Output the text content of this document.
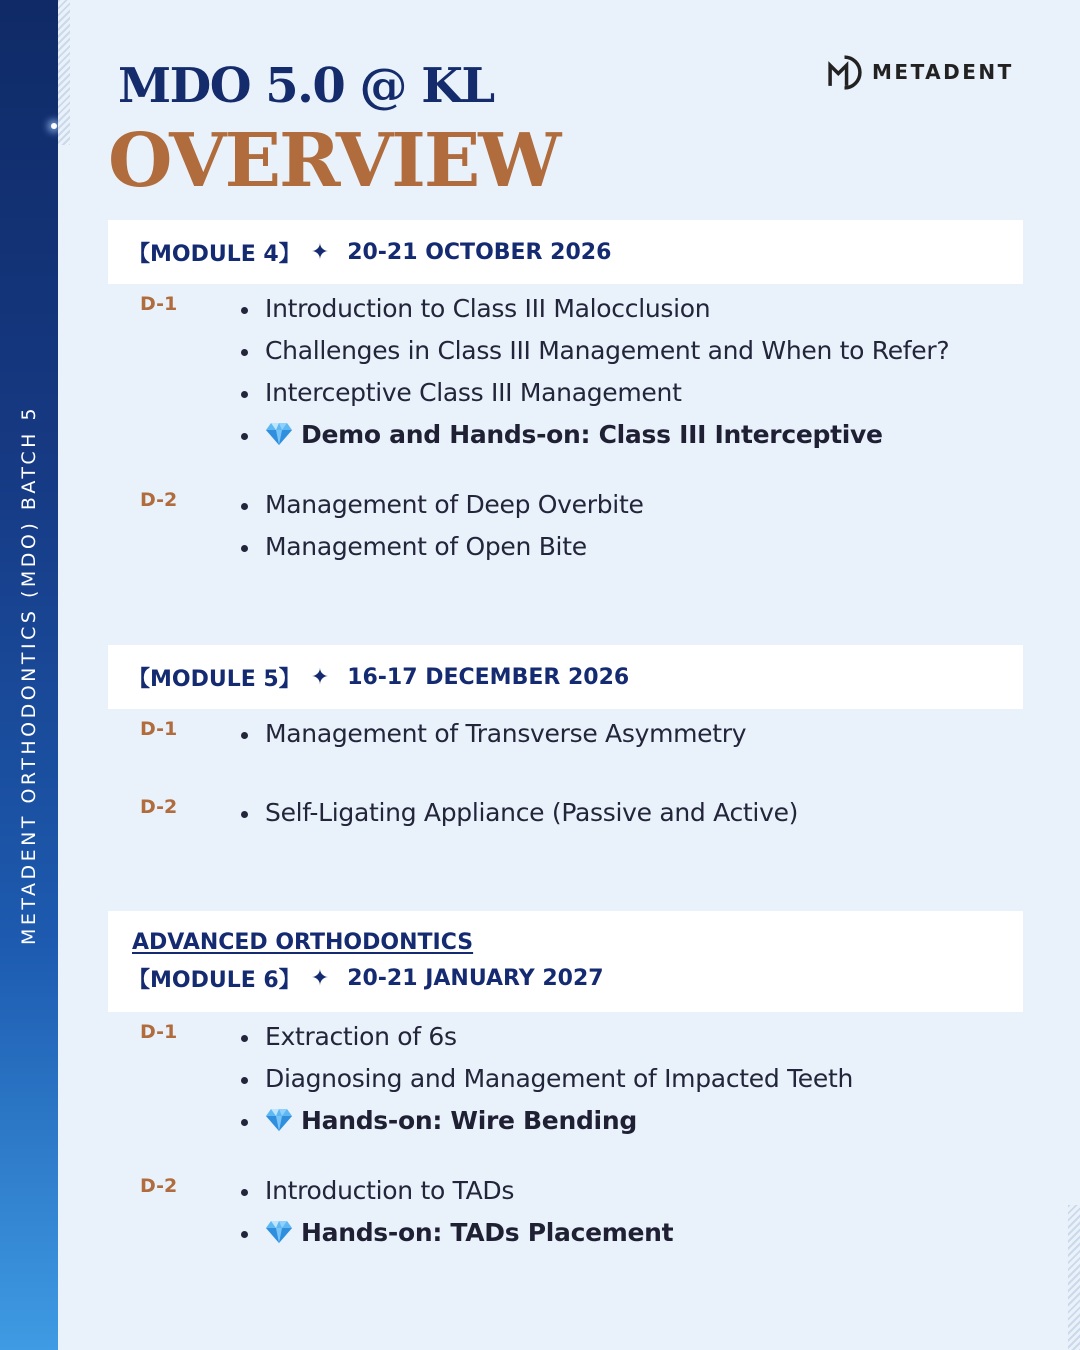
METADENT ORTHODONTICS (MDO) BATCH 5
MDO 5.0 @ KL
OVERVIEW
METADENT
【MODULE 4】 ✦ 20-21 OCTOBER 2026
D-1	Introduction to Class III Malocclusion
Challenges in Class III Management and When to Refer?
Interceptive Class III Management
Demo and Hands-on: Class III Interceptive
D-2	Management of Deep Overbite
Management of Open Bite
【MODULE 5】 ✦ 16-17 DECEMBER 2026
D-1	Management of Transverse Asymmetry
D-2	Self-Ligating Appliance (Passive and Active)
ADVANCED ORTHODONTICS
【MODULE 6】 ✦ 20-21 JANUARY 2027
D-1	Extraction of 6s
Diagnosing and Management of Impacted Teeth
Hands-on: Wire Bending
D-2	Introduction to TADs
Hands-on: TADs Placement
